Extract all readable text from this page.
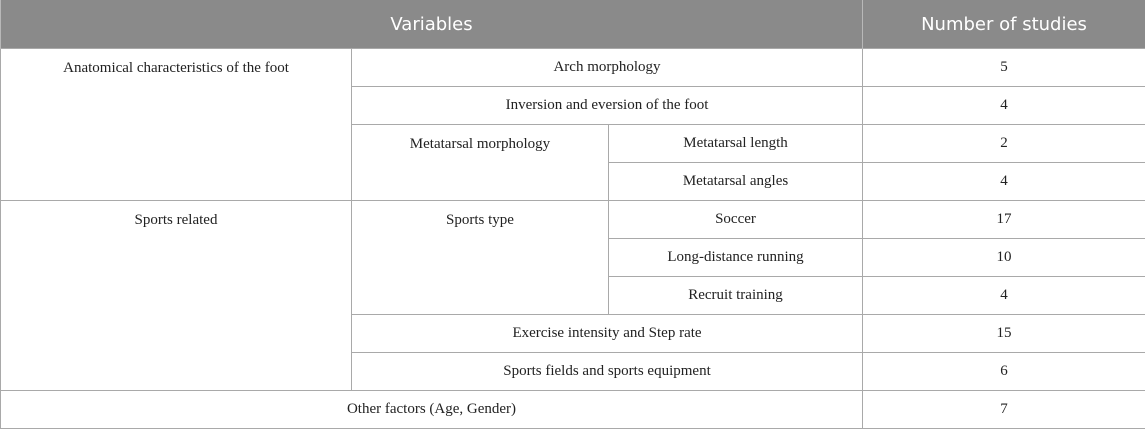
Variables			Number of studies
Anatomical characteristics of the foot	Arch morphology		5
	Inversion and eversion of the foot		4
	Metatarsal morphology	Metatarsal length	2
		Metatarsal angles	4
Sports related	Sports type	Soccer	17
		Long-distance running	10
		Recruit training	4
	Exercise intensity and Step rate		15
	Sports fields and sports equipment		6
Other factors (Age, Gender)			7
